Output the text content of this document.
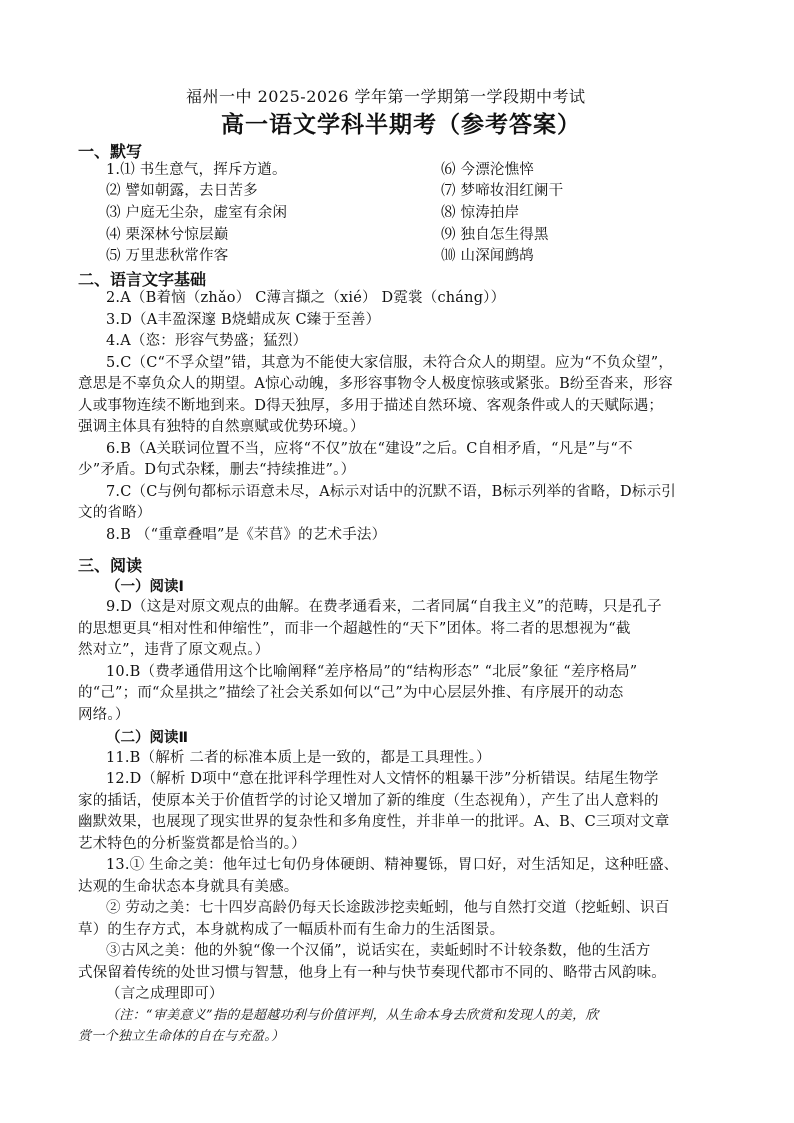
福州一中 2025-2026 学年第一学期第一学段期中考试
高一语文学科半期考（参考答案）
一、默写
1.⑴ 书生意气，挥斥方遒。
⑵ 譬如朝露，去日苦多
⑶ 户庭无尘杂，虚室有余闲
⑷ 栗深林兮惊层巅
⑸ 万里悲秋常作客
⑹ 今漂沦憔悴
⑺ 梦啼妆泪红阑干
⑻ 惊涛拍岸
⑼ 独自怎生得黑
⑽ 山深闻鹧鸪
二、语言文字基础
2.A（B着恼（zhǎo） C薄言擷之（xié） D霓裳（cháng））
3.D（A丰盈深邃 B烧蜡成灰 C臻于至善）
4.A（恣：形容气势盛；猛烈）
5.C（C“不孚众望”错，其意为不能使大家信服，未符合众人的期望。应为“不负众望”，
意思是不辜负众人的期望。A惊心动魄，多形容事物令人极度惊骇或紧张。B纷至沓来，形容
人或事物连续不断地到来。D得天独厚，多用于描述自然环境、客观条件或人的天赋际遇；
强调主体具有独特的自然禀赋或优势环境。）
6.B（A关联词位置不当，应将“不仅”放在“建设”之后。C自相矛盾，“凡是”与“不
少”矛盾。D句式杂糅，删去“持续推进”。）
7.C（C与例句都标示语意未尽，A标示对话中的沉默不语，B标示列举的省略，D标示引
文的省略）
8.B （“重章叠唱”是《芣苢》的艺术手法）
三、阅读
（一）阅读Ⅰ
9.D（这是对原文观点的曲解。在费孝通看来，二者同属“自我主义”的范畴，只是孔子
的思想更具“相对性和伸缩性”，而非一个超越性的“天下”团体。将二者的思想视为“截
然对立”，违背了原文观点。）
10.B（费孝通借用这个比喻阐释“差序格局”的“结构形态” “北辰”象征 “差序格局”
的“己”；而“众星拱之”描绘了社会关系如何以“己”为中心层层外推、有序展开的动态
网络。）
（二）阅读Ⅱ
11.B（解析 二者的标准本质上是一致的，都是工具理性。）
12.D（解析 D项中“意在批评科学理性对人文情怀的粗暴干涉”分析错误。结尾生物学
家的插话，使原本关于价值哲学的讨论又增加了新的维度（生态视角），产生了出人意料的
幽默效果，也展现了现实世界的复杂性和多角度性，并非单一的批评。A、B、C三项对文章
艺术特色的分析鉴赏都是恰当的。）
13.① 生命之美：他年过七旬仍身体硬朗、精神矍铄，胃口好，对生活知足，这种旺盛、
达观的生命状态本身就具有美感。
② 劳动之美：七十四岁高龄仍每天长途跋涉挖卖蚯蚓，他与自然打交道（挖蚯蚓、识百
草）的生存方式，本身就构成了一幅质朴而有生命力的生活图景。
③古风之美：他的外貌“像一个汉俑”，说话实在，卖蚯蚓时不计较条数，他的生活方
式保留着传统的处世习惯与智慧，他身上有一种与快节奏现代都市不同的、略带古风韵味。
（言之成理即可）
（注：“审美意义”指的是超越功利与价值评判，从生命本身去欣赏和发现人的美，欣
赏一个独立生命体的自在与充盈。）
